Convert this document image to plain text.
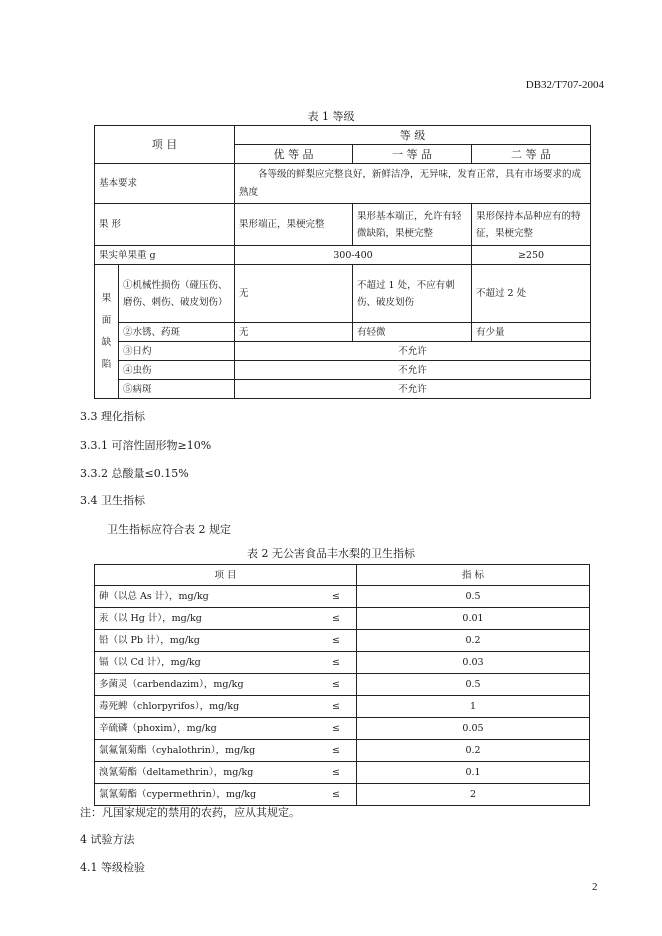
DB32/T707-2004
表 1 等级
项 目		等 级		
		优 等 品	一 等 品	二 等 品
基本要求		各等级的鲜梨应完整良好，新鲜洁净，无异味，发育正常，具有市场要求的成熟度		
果 形		果形端正，果梗完整	果形基本端正，允许有轻微缺陷，果梗完整	果形保持本品种应有的特征，果梗完整
果实单果重 g		300-400		≥250
果
面
缺
陷	①机械性损伤（碰压伤、磨伤、刺伤、破皮划伤）	无	不超过 1 处，不应有刺伤、破皮划伤	不超过 2 处
	②水锈、药斑	无	有轻微	有少量
	③日灼	不允许		
	④虫伤	不允许		
	⑤病斑	不允许		
3.3 理化指标
3.3.1 可溶性固形物≥10%
3.3.2 总酸量≤0.15%
3.4 卫生指标
卫生指标应符合表 2 规定
表 2 无公害食品丰水梨的卫生指标
项 目	指 标
砷（以总 As 计），mg/kg ≤	0.5
汞（以 Hg 计），mg/kg ≤	0.01
铅（以 Pb 计），mg/kg ≤	0.2
镉（以 Cd 计），mg/kg ≤	0.03
多菌灵（carbendazim），mg/kg ≤	0.5
毒死蜱（chlorpyrifos），mg/kg ≤	1
辛硫磷（phoxim），mg/kg ≤	0.05
氯氟氰菊酯（cyhalothrin），mg/kg ≤	0.2
溴氰菊酯（deltamethrin），mg/kg ≤	0.1
氯氰菊酯（cypermethrin），mg/kg ≤	2
注：凡国家规定的禁用的农药，应从其规定。
4 试验方法
4.1 等级检验
2
